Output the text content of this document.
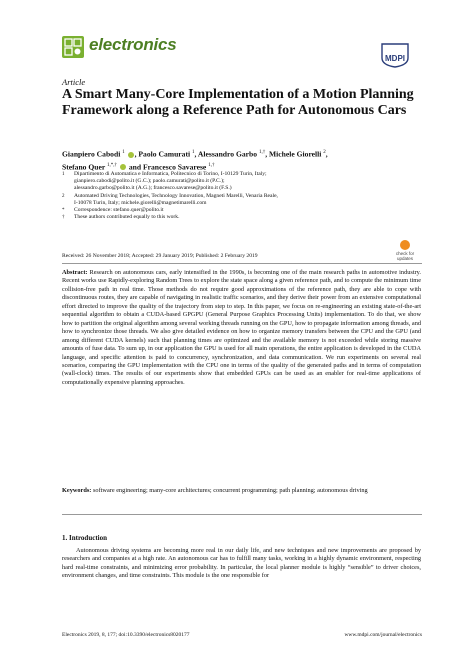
electronics
MDPI
Article
A Smart Many-Core Implementation of a Motion Planning Framework along a Reference Path for Autonomous Cars
Gianpiero Cabodi $^1$ , Paolo Camurati $^1$, Alessandro Garbo $^{1,\dagger}$, Michele Giorelli $^2$,
Stefano Quer $^{1,*,\dagger}$  and Francesco Savarese $^{1,\dagger}$
1 Dipartimento di Automatica e Informatica, Politecnico di Torino, I-10129 Turin, Italy;
gianpiero.cabodi@polito.it (G.C.); paolo.camurati@polito.it (P.C.);
alessandro.garbo@polito.it (A.G.); francesco.savarese@polito.it (F.S.)
2 Automated Driving Technologies, Technology Innovation, Magneti Marelli, Venaria Reale,
I-10078 Turin, Italy; michele.giorelli@magnetimarelli.com
* Correspondence: stefano.quer@polito.it
† These authors contributed equally to this work.
Received: 26 November 2018; Accepted: 29 January 2019; Published: 2 February 2019	check for updates
Abstract: Research on autonomous cars, early intensified in the 1990s, is becoming one of the main research paths in automotive industry. Recent works use Rapidly-exploring Random Trees to explore the state space along a given reference path, and to compute the minimum time collision-free path in real time. Those methods do not require good approximations of the reference path, they are able to cope with discontinuous routes, they are capable of navigating in realistic traffic scenarios, and they derive their power from an extensive computational effort directed to improve the quality of the trajectory from step to step. In this paper, we focus on re-engineering an existing state-of-the-art sequential algorithm to obtain a CUDA-based GPGPU (General Purpose Graphics Processing Units) implementation. To do that, we show how to partition the original algorithm among several working threads running on the GPU, how to propagate information among threads, and how to synchronize those threads. We also give detailed evidence on how to organize memory transfers between the CPU and the GPU (and among different CUDA kernels) such that planning times are optimized and the available memory is not exceeded while storing massive amounts of fuse data. To sum up, in our application the GPU is used for all main operations, the entire application is developed in the CUDA language, and specific attention is paid to concurrency, synchronization, and data communication. We run experiments on several real scenarios, comparing the GPU implementation with the CPU one in terms of the quality of the generated paths and in terms of computation (wall-clock) times. The results of our experiments show that embedded GPUs can be used as an enabler for real-time applications of computationally expensive planning approaches.
Keywords: software engineering; many-core architectures; concurrent programming; path planning; autonomous driving
1. Introduction
Autonomous driving systems are becoming more real in our daily life, and new techniques and new improvements are proposed by researchers and companies at a high rate. An autonomous car has to fulfill many tasks, working in a highly dynamic environment, respecting hard real-time constraints, and minimizing error probability. In particular, the local planner module is highly “sensible” to driver choices, environment changes, and time constraints. This module is the one responsible for
Electronics 2019, 8, 177; doi:10.3390/electronics8020177	www.mdpi.com/journal/electronics
